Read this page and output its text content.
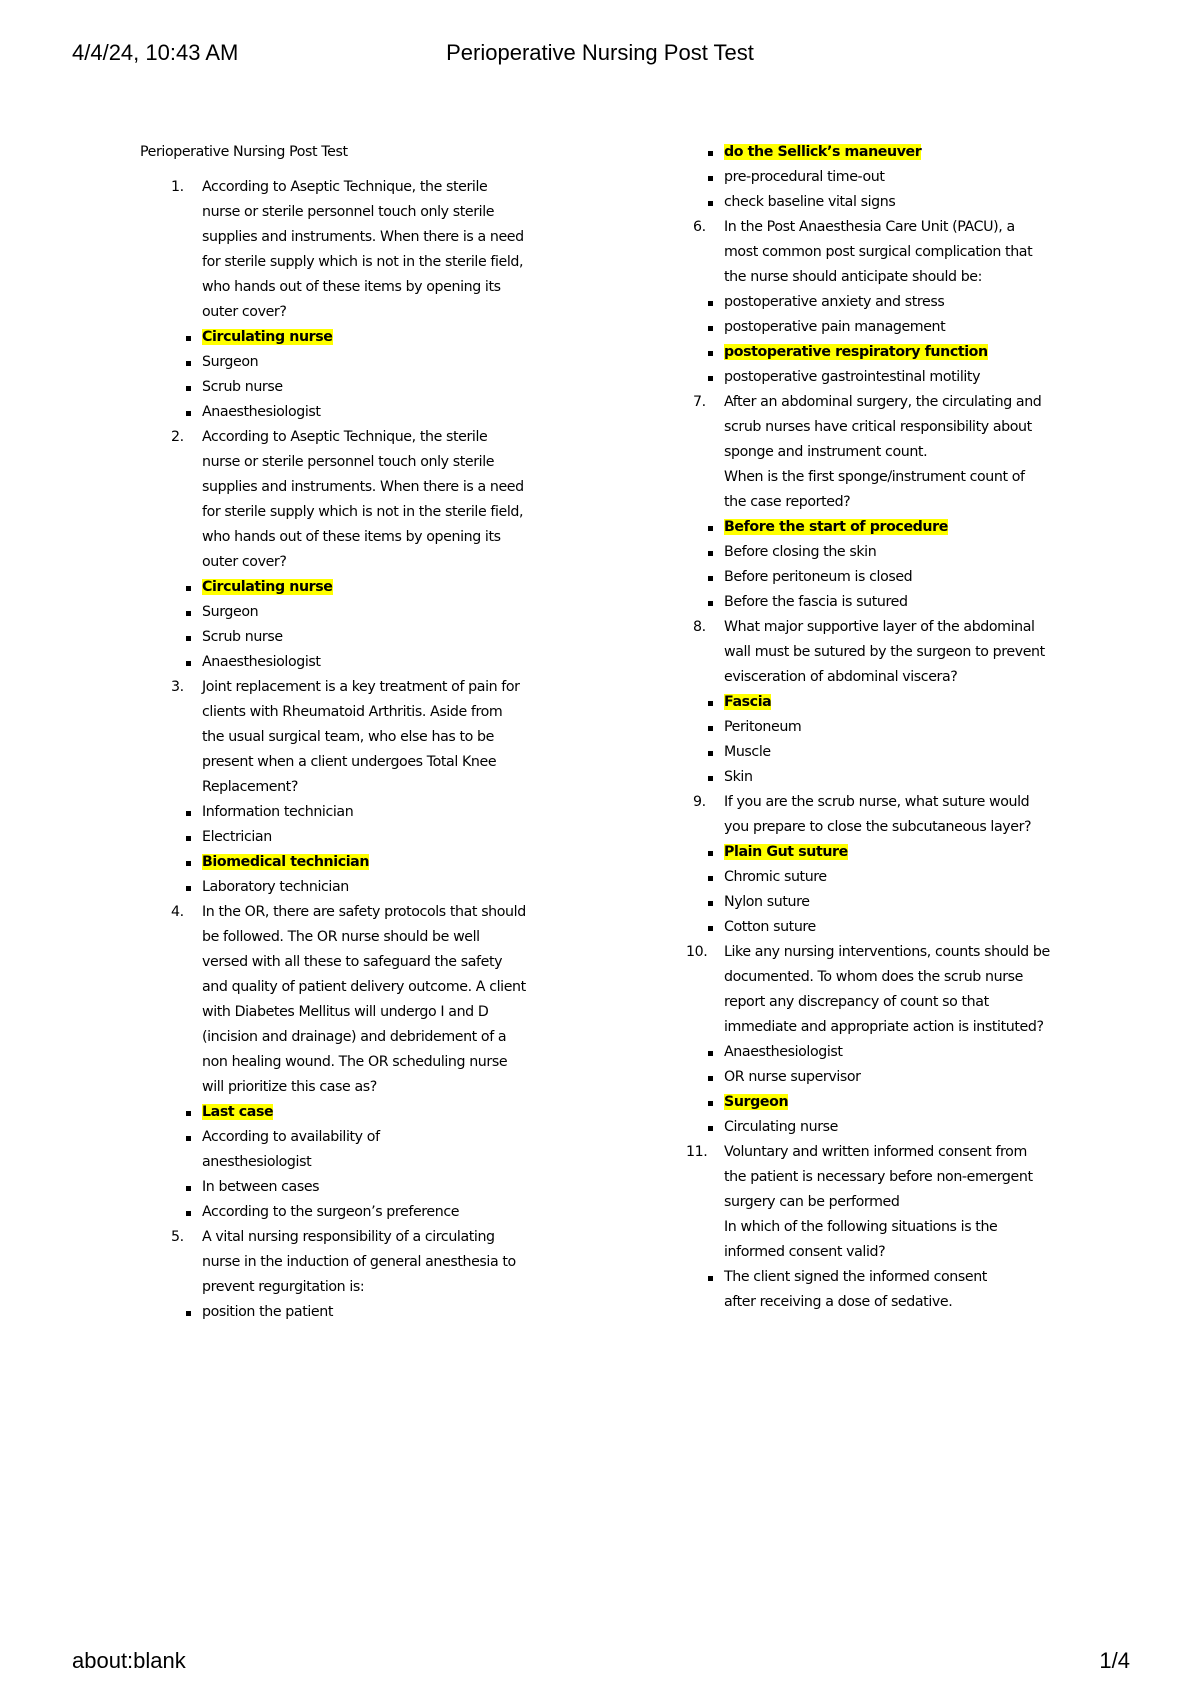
4/4/24, 10:43 AM	Perioperative Nursing Post Test
Perioperative Nursing Post Test
1. According to Aseptic Technique, the sterile
nurse or sterile personnel touch only sterile
supplies and instruments. When there is a need
for sterile supply which is not in the sterile field,
who hands out of these items by opening its
outer cover?
Circulating nurse
Surgeon
Scrub nurse
Anaesthesiologist
2. According to Aseptic Technique, the sterile
nurse or sterile personnel touch only sterile
supplies and instruments. When there is a need
for sterile supply which is not in the sterile field,
who hands out of these items by opening its
outer cover?
Circulating nurse
Surgeon
Scrub nurse
Anaesthesiologist
3. Joint replacement is a key treatment of pain for
clients with Rheumatoid Arthritis. Aside from
the usual surgical team, who else has to be
present when a client undergoes Total Knee
Replacement?
Information technician
Electrician
Biomedical technician
Laboratory technician
4. In the OR, there are safety protocols that should
be followed. The OR nurse should be well
versed with all these to safeguard the safety
and quality of patient delivery outcome. A client
with Diabetes Mellitus will undergo I and D
(incision and drainage) and debridement of a
non healing wound. The OR scheduling nurse
will prioritize this case as?
Last case
According to availability of
anesthesiologist
In between cases
According to the surgeon’s preference
5. A vital nursing responsibility of a circulating
nurse in the induction of general anesthesia to
prevent regurgitation is:
position the patient
do the Sellick’s maneuver
pre-procedural time-out
check baseline vital signs
6. In the Post Anaesthesia Care Unit (PACU), a
most common post surgical complication that
the nurse should anticipate should be:
postoperative anxiety and stress
postoperative pain management
postoperative respiratory function
postoperative gastrointestinal motility
7. After an abdominal surgery, the circulating and
scrub nurses have critical responsibility about
sponge and instrument count.
When is the first sponge/instrument count of
the case reported?
Before the start of procedure
Before closing the skin
Before peritoneum is closed
Before the fascia is sutured
8. What major supportive layer of the abdominal
wall must be sutured by the surgeon to prevent
evisceration of abdominal viscera?
Fascia
Peritoneum
Muscle
Skin
9. If you are the scrub nurse, what suture would
you prepare to close the subcutaneous layer?
Plain Gut suture
Chromic suture
Nylon suture
Cotton suture
10. Like any nursing interventions, counts should be
documented. To whom does the scrub nurse
report any discrepancy of count so that
immediate and appropriate action is instituted?
Anaesthesiologist
OR nurse supervisor
Surgeon
Circulating nurse
11. Voluntary and written informed consent from
the patient is necessary before non-emergent
surgery can be performed
In which of the following situations is the
informed consent valid?
The client signed the informed consent
after receiving a dose of sedative.
about:blank	1/4
